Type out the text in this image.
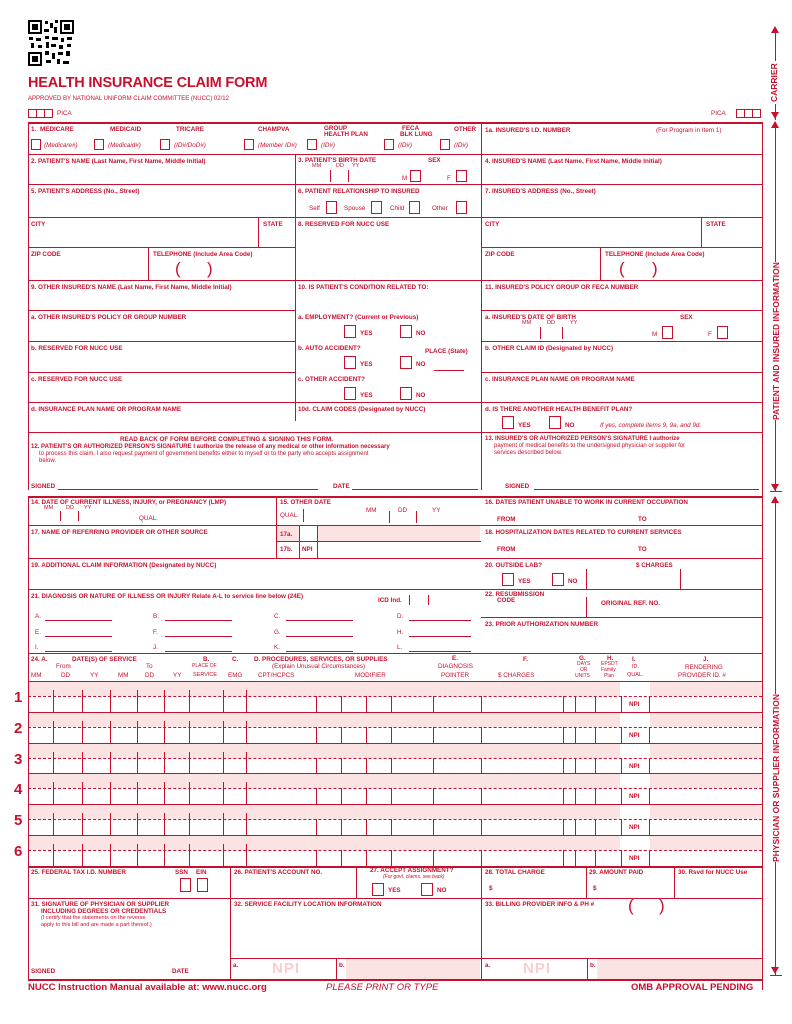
HEALTH INSURANCE CLAIM FORM
APPROVED BY NATIONAL UNIFORM CLAIM COMMITTEE (NUCC) 02/12
PICA	PICA
1. MEDICARE	MEDICAID	TRICARE	CHAMPVA	GROUP
HEALTH PLAN
FECA
BLK LUNG
OTHER
(Medicare#)	(Medicaid#)	(ID#/DoD#)	(Member ID#)	(ID#)	(ID#)	(ID#)
1a. INSURED'S I.D. NUMBER	(For Program in Item 1)
2. PATIENT'S NAME (Last Name, First Name, Middle Initial)	3. PATIENT'S BIRTH DATE
MM	DD YY
SEX
M	F
4. INSURED'S NAME (Last Name, First Name, Middle Initial)
5. PATIENT'S ADDRESS (No., Street)	6. PATIENT RELATIONSHIP TO INSURED
Self	Spouse	Child	Other
7. INSURED'S ADDRESS (No., Street)
CITY	STATE 8. RESERVED FOR NUCC USE	CITY	STATE
ZIP CODE	TELEPHONE (Include Area Code)
( )
ZIP CODE	TELEPHONE (Include Area Code)
( )
9. OTHER INSURED'S NAME (Last Name, First Name, Middle Initial)	10. IS PATIENT'S CONDITION RELATED TO:	11. INSURED'S POLICY GROUP OR FECA NUMBER
a. OTHER INSURED'S POLICY OR GROUP NUMBER	a. EMPLOYMENT? (Current or Previous)
YES	NO
a. INSURED'S DATE OF BIRTH
MM	DD	YY
SEX
M	F
b. RESERVED FOR NUCC USE	b. AUTO ACCIDENT?	PLACE (State)
YES	NO
b. OTHER CLAIM ID (Designated by NUCC)
c. RESERVED FOR NUCC USE	c. OTHER ACCIDENT?
YES	NO
c. INSURANCE PLAN NAME OR PROGRAM NAME
d. INSURANCE PLAN NAME OR PROGRAM NAME	10d. CLAIM CODES (Designated by NUCC)	d. IS THERE ANOTHER HEALTH BENEFIT PLAN?
YES	NO	If yes, complete items 9, 9a, and 9d.
READ BACK OF FORM BEFORE COMPLETING & SIGNING THIS FORM.
12. PATIENT'S OR AUTHORIZED PERSON'S SIGNATURE I authorize the release of any medical or other information necessary
to process this claim. I also request payment of government benefits either to myself or to the party who accepts assignment
below.
SIGNED	DATE
13. INSURED'S OR AUTHORIZED PERSON'S SIGNATURE I authorize
payment of medical benefits to the undersigned physician or supplier for
services described below.
SIGNED
14. DATE OF CURRENT ILLNESS, INJURY, or PREGNANCY (LMP)
MM DD YY
QUAL.
15. OTHER DATE
QUAL.
MM	DD	YY
16. DATES PATIENT UNABLE TO WORK IN CURRENT OCCUPATION
FROM	TO
17. NAME OF REFERRING PROVIDER OR OTHER SOURCE	17a.
17b. NPI
18. HOSPITALIZATION DATES RELATED TO CURRENT SERVICES
FROM	TO
19. ADDITIONAL CLAIM INFORMATION (Designated by NUCC)	20. OUTSIDE LAB?	$ CHARGES
YES	NO
21. DIAGNOSIS OR NATURE OF ILLNESS OR INJURY Relate A-L to service line below (24E)
ICD Ind.
22. RESUBMISSION
CODE	ORIGINAL REF. NO.
23. PRIOR AUTHORIZATION NUMBER
A.	B.	C.	D.
E.	F.	G.	H.
I.	J.	K.	L.
24. A.	DATE(S) OF SERVICE
From	To
MM	DD	YY	MM	DD	YY
B.
PLACE OF
SERVICE
C.
EMG
D. PROCEDURES, SERVICES, OR SUPPLIES
(Explain Unusual Circumstances)
CPT/HCPCS	MODIFIER
E.
DIAGNOSIS
POINTER
F.
$ CHARGES
G.
DAYS
OR
UNITS
H.
EPSDT
Family
Plan
I.
ID.
QUAL.
J.
RENDERING
PROVIDER ID. #
1	NPI
2	NPI
3	NPI
4	NPI
5	NPI
6	NPI
25. FEDERAL TAX I.D. NUMBER	SSN EIN	26. PATIENT'S ACCOUNT NO.	27. ACCEPT ASSIGNMENT?
(For govt. claims, see back)
YES	NO
28. TOTAL CHARGE
$
29. AMOUNT PAID
$
30. Rsvd for NUCC Use
31. SIGNATURE OF PHYSICIAN OR SUPPLIER
INCLUDING DEGREES OR CREDENTIALS
(I certify that the statements on the reverse
apply to this bill and are made a part thereof.)
SIGNED	DATE
32. SERVICE FACILITY LOCATION INFORMATION	33. BILLING PROVIDER INFO & PH # ( )
a. NPI	b.	a. NPI	b.
NUCC Instruction Manual available at: www.nucc.org	PLEASE PRINT OR TYPE	OMB APPROVAL PENDING
CARRIER
PATIENT AND INSURED INFORMATION
PHYSICIAN OR SUPPLIER INFORMATION
